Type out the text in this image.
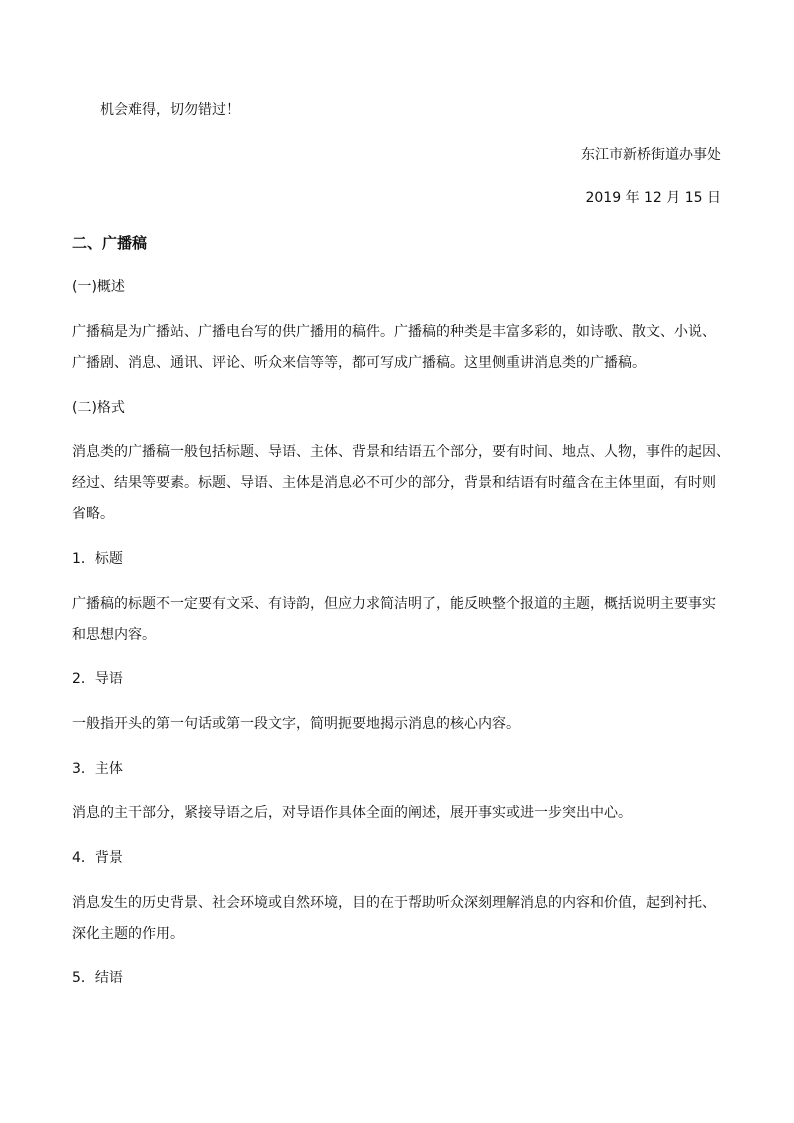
机会难得，切勿错过！
东江市新桥街道办事处
2019 年 12 月 15 日
二、广播稿
(一)概述
广播稿是为广播站、广播电台写的供广播用的稿件。广播稿的种类是丰富多彩的，如诗歌、散文、小说、
广播剧、消息、通讯、评论、听众来信等等，都可写成广播稿。这里侧重讲消息类的广播稿。
(二)格式
消息类的广播稿一般包括标题、导语、主体、背景和结语五个部分，要有时间、地点、人物，事件的起因、
经过、结果等要素。标题、导语、主体是消息必不可少的部分，背景和结语有时蕴含在主体里面，有时则
省略。
1．标题
广播稿的标题不一定要有文采、有诗韵，但应力求简洁明了，能反映整个报道的主题，概括说明主要事实
和思想内容。
2．导语
一般指开头的第一句话或第一段文字，简明扼要地揭示消息的核心内容。
3．主体
消息的主干部分，紧接导语之后，对导语作具体全面的阐述，展开事实或进一步突出中心。
4．背景
消息发生的历史背景、社会环境或自然环境，目的在于帮助听众深刻理解消息的内容和价值，起到衬托、
深化主题的作用。
5．结语
